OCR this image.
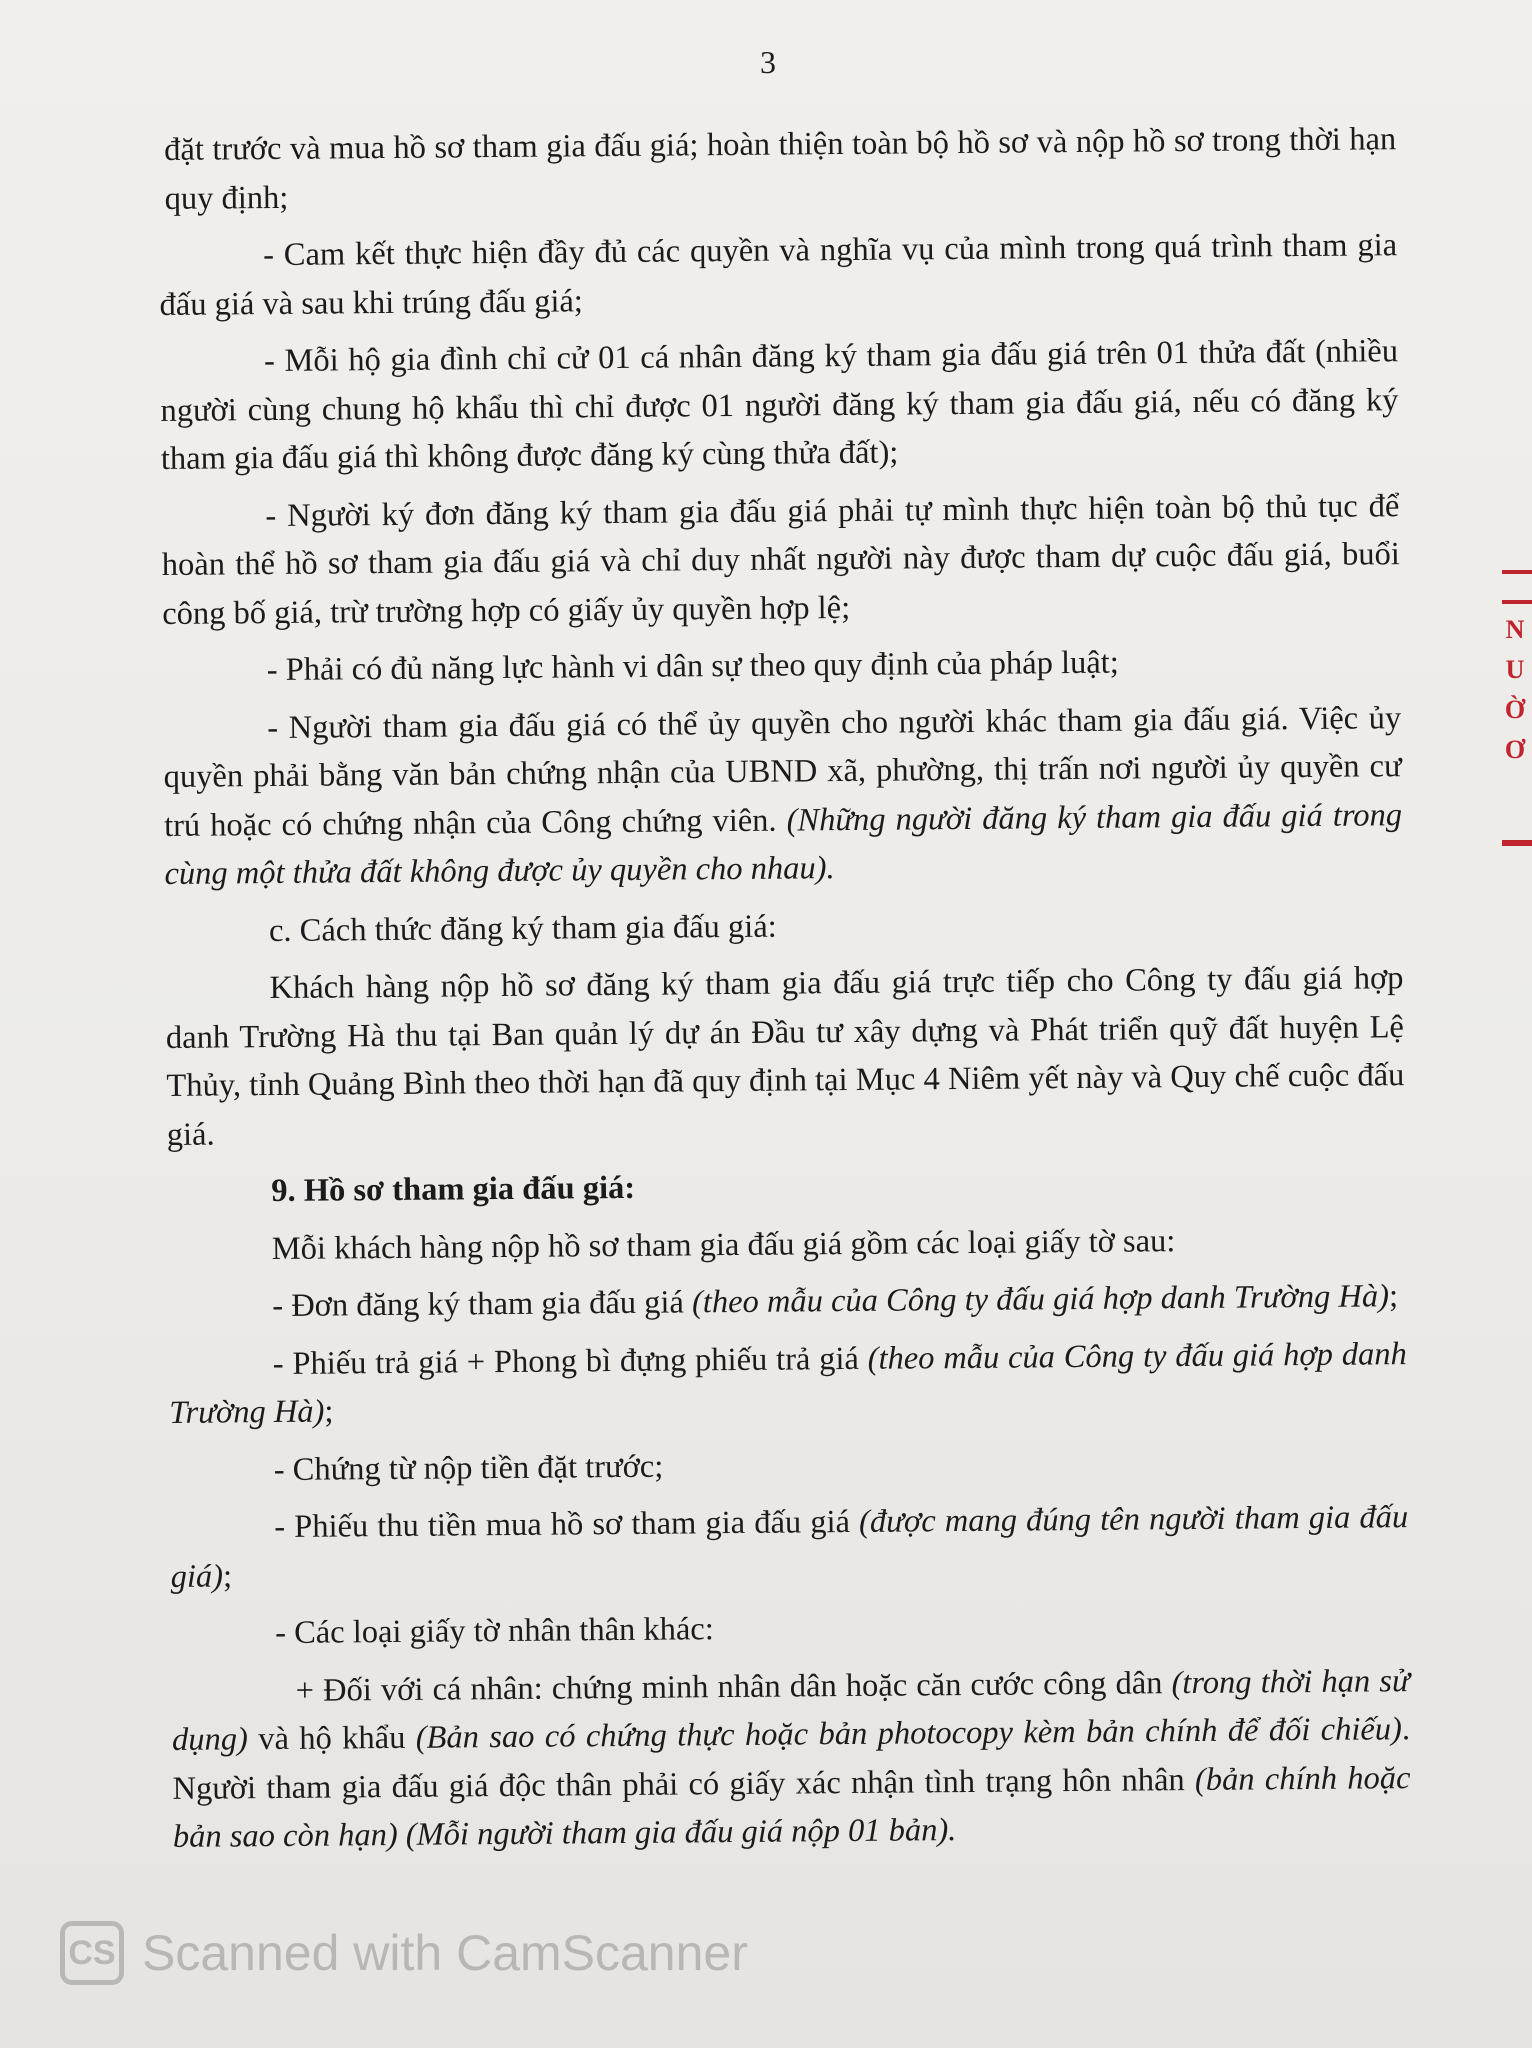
3

đặt trước và mua hồ sơ tham gia đấu giá; hoàn thiện toàn bộ hồ sơ và nộp hồ sơ trong thời hạn quy định;

- Cam kết thực hiện đầy đủ các quyền và nghĩa vụ của mình trong quá trình tham gia đấu giá và sau khi trúng đấu giá;

- Mỗi hộ gia đình chỉ cử 01 cá nhân đăng ký tham gia đấu giá trên 01 thửa đất (nhiều người cùng chung hộ khẩu thì chỉ được 01 người đăng ký tham gia đấu giá, nếu có đăng ký tham gia đấu giá thì không được đăng ký cùng thửa đất);

- Người ký đơn đăng ký tham gia đấu giá phải tự mình thực hiện toàn bộ thủ tục để hoàn thể hồ sơ tham gia đấu giá và chỉ duy nhất người này được tham dự cuộc đấu giá, buổi công bố giá, trừ trường hợp có giấy ủy quyền hợp lệ;

- Phải có đủ năng lực hành vi dân sự theo quy định của pháp luật;

- Người tham gia đấu giá có thể ủy quyền cho người khác tham gia đấu giá. Việc ủy quyền phải bằng văn bản chứng nhận của UBND xã, phường, thị trấn nơi người ủy quyền cư trú hoặc có chứng nhận của Công chứng viên. (Những người đăng ký tham gia đấu giá trong cùng một thửa đất không được ủy quyền cho nhau).

c. Cách thức đăng ký tham gia đấu giá:

Khách hàng nộp hồ sơ đăng ký tham gia đấu giá trực tiếp cho Công ty đấu giá hợp danh Trường Hà thu tại Ban quản lý dự án Đầu tư xây dựng và Phát triển quỹ đất huyện Lệ Thủy, tỉnh Quảng Bình theo thời hạn đã quy định tại Mục 4 Niêm yết này và Quy chế cuộc đấu giá.

9. Hồ sơ tham gia đấu giá:

Mỗi khách hàng nộp hồ sơ tham gia đấu giá gồm các loại giấy tờ sau:

- Đơn đăng ký tham gia đấu giá (theo mẫu của Công ty đấu giá hợp danh Trường Hà);

- Phiếu trả giá + Phong bì đựng phiếu trả giá (theo mẫu của Công ty đấu giá hợp danh Trường Hà);

- Chứng từ nộp tiền đặt trước;

- Phiếu thu tiền mua hồ sơ tham gia đấu giá (được mang đúng tên người tham gia đấu giá);

- Các loại giấy tờ nhân thân khác:

+ Đối với cá nhân: chứng minh nhân dân hoặc căn cước công dân (trong thời hạn sử dụng) và hộ khẩu (Bản sao có chứng thực hoặc bản photocopy kèm bản chính để đối chiếu). Người tham gia đấu giá độc thân phải có giấy xác nhận tình trạng hôn nhân (bản chính hoặc bản sao còn hạn) (Mỗi người tham gia đấu giá nộp 01 bản).

N
U
Ờ
Ơ
CS Scanned with CamScanner
